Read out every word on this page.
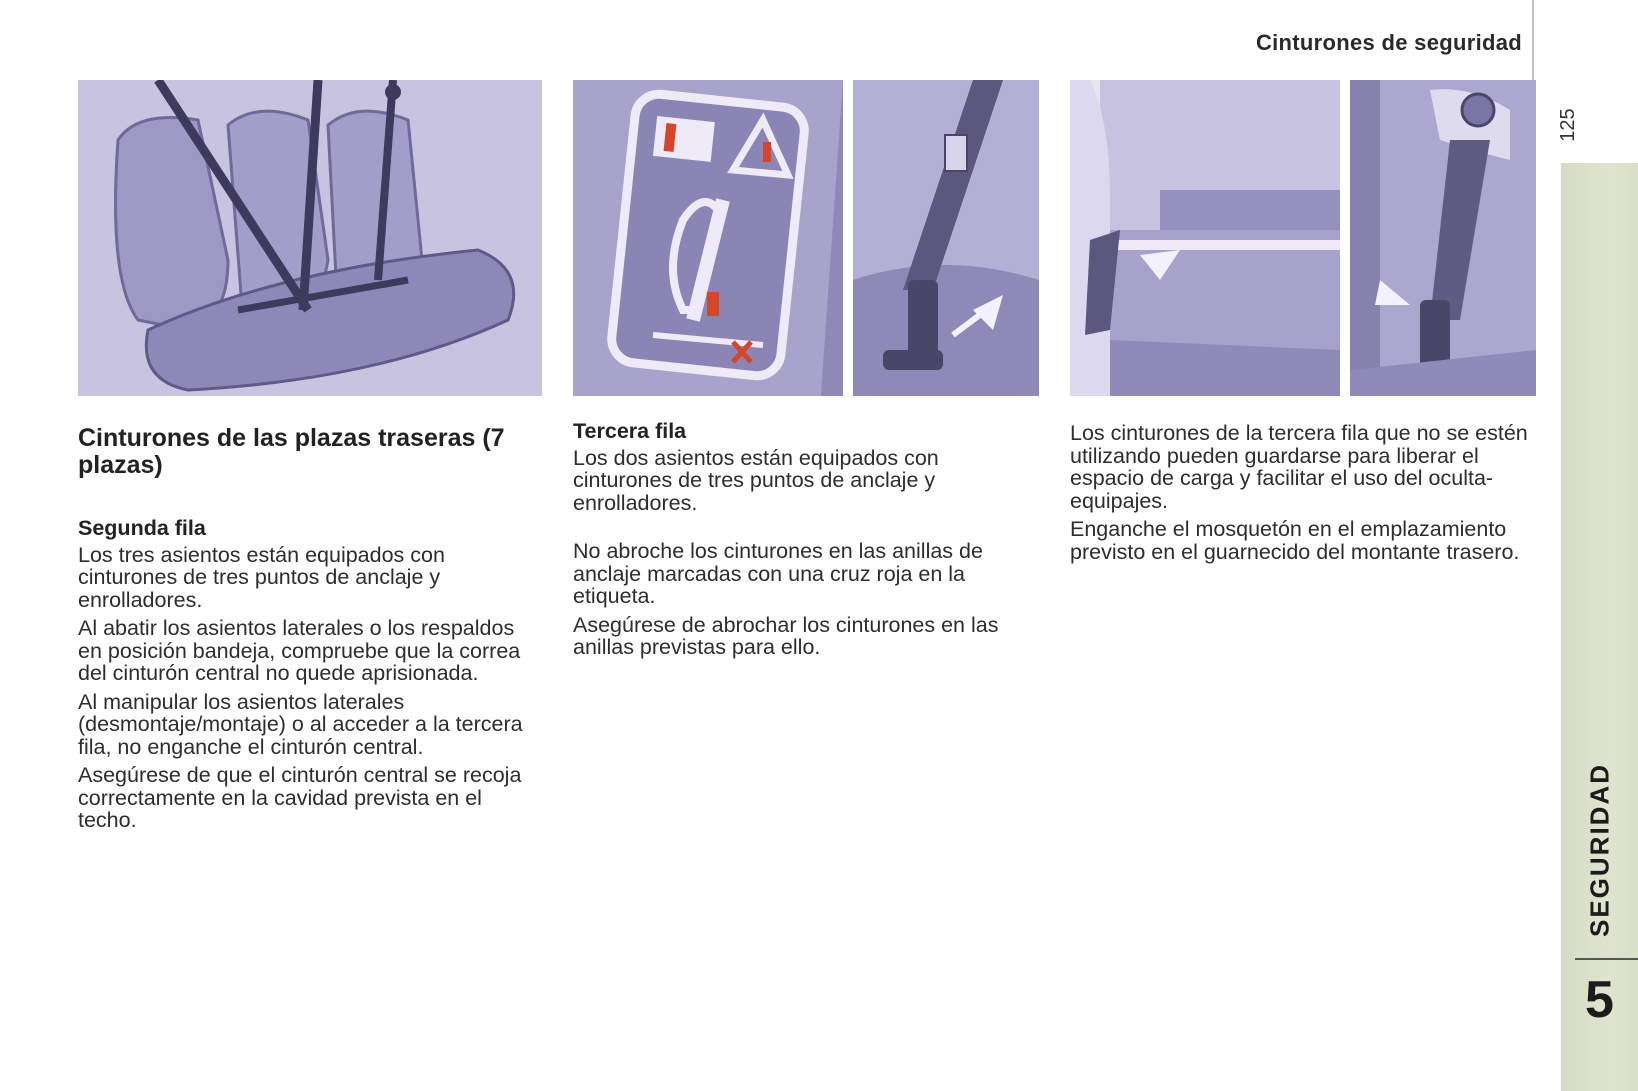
Cinturones de seguridad
125
SEGURIDAD
5
Cinturones de las plazas traseras (7 plazas)
Segunda fila

Los tres asientos están equipados con cinturones de tres puntos de anclaje y enrolladores.

Al abatir los asientos laterales o los respaldos en posición bandeja, compruebe que la correa del cinturón central no quede aprisionada.

Al manipular los asientos laterales (desmontaje/montaje) o al acceder a la tercera fila, no enganche el cinturón central.

Asegúrese de que el cinturón central se recoja correctamente en la cavidad prevista en el techo.

Tercera fila

Los dos asientos están equipados con cinturones de tres puntos de anclaje y enrolladores.

No abroche los cinturones en las anillas de anclaje marcadas con una cruz roja en la etiqueta.

Asegúrese de abrochar los cinturones en las anillas previstas para ello.

Los cinturones de la tercera fila que no se estén utilizando pueden guardarse para liberar el espacio de carga y facilitar el uso del oculta-equipajes.

Enganche el mosquetón en el emplazamiento previsto en el guarnecido del montante trasero.
